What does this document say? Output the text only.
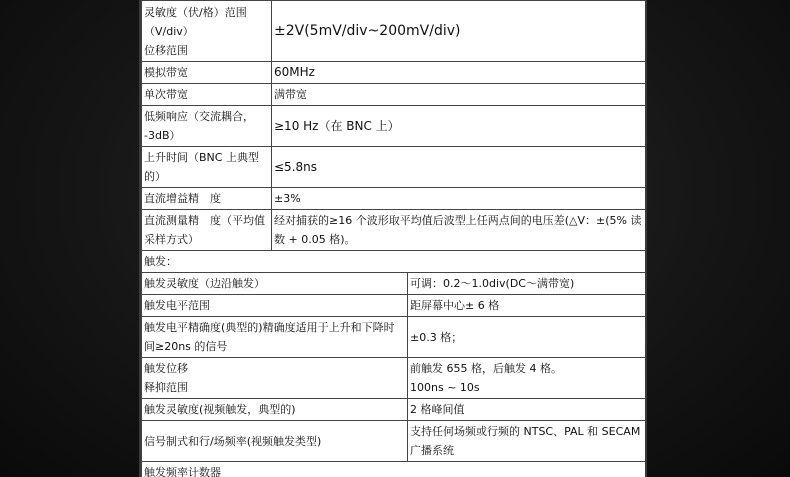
灵敏度（伏/格）范围
（V/div）
位移范围	±2V(5mV/div~200mV/div)	
模拟带宽	60MHz	
单次带宽	满带宽	
低频响应（交流耦合，
-3dB）	≥10 Hz（在 BNC 上）	
上升时间（BNC 上典型
的）	≤5.8ns	
直流增益精　度	±3%	
直流测量精　度（平均值
采样方式）	经对捕获的≥16 个波形取平均值后波型上任两点间的电压差(△V：±(5% 读数 + 0.05 格)。	
触发：		
触发灵敏度（边沿触发）		可调：0.2～1.0div(DC～满带宽)
触发电平范围		距屏幕中心± 6 格
触发电平精确度(典型的)精确度适用于上升和下降时间≥20ns 的信号		±0.3 格；
触发位移
释抑范围		前触发 655 格，后触发 4 格。
100ns ~ 10s
触发灵敏度(视频触发，典型的)		2 格峰间值
信号制式和行/场频率(视频触发类型)		支持任何场频或行频的 NTSC、PAL 和 SECAM 广播系统
触发频率计数器		
